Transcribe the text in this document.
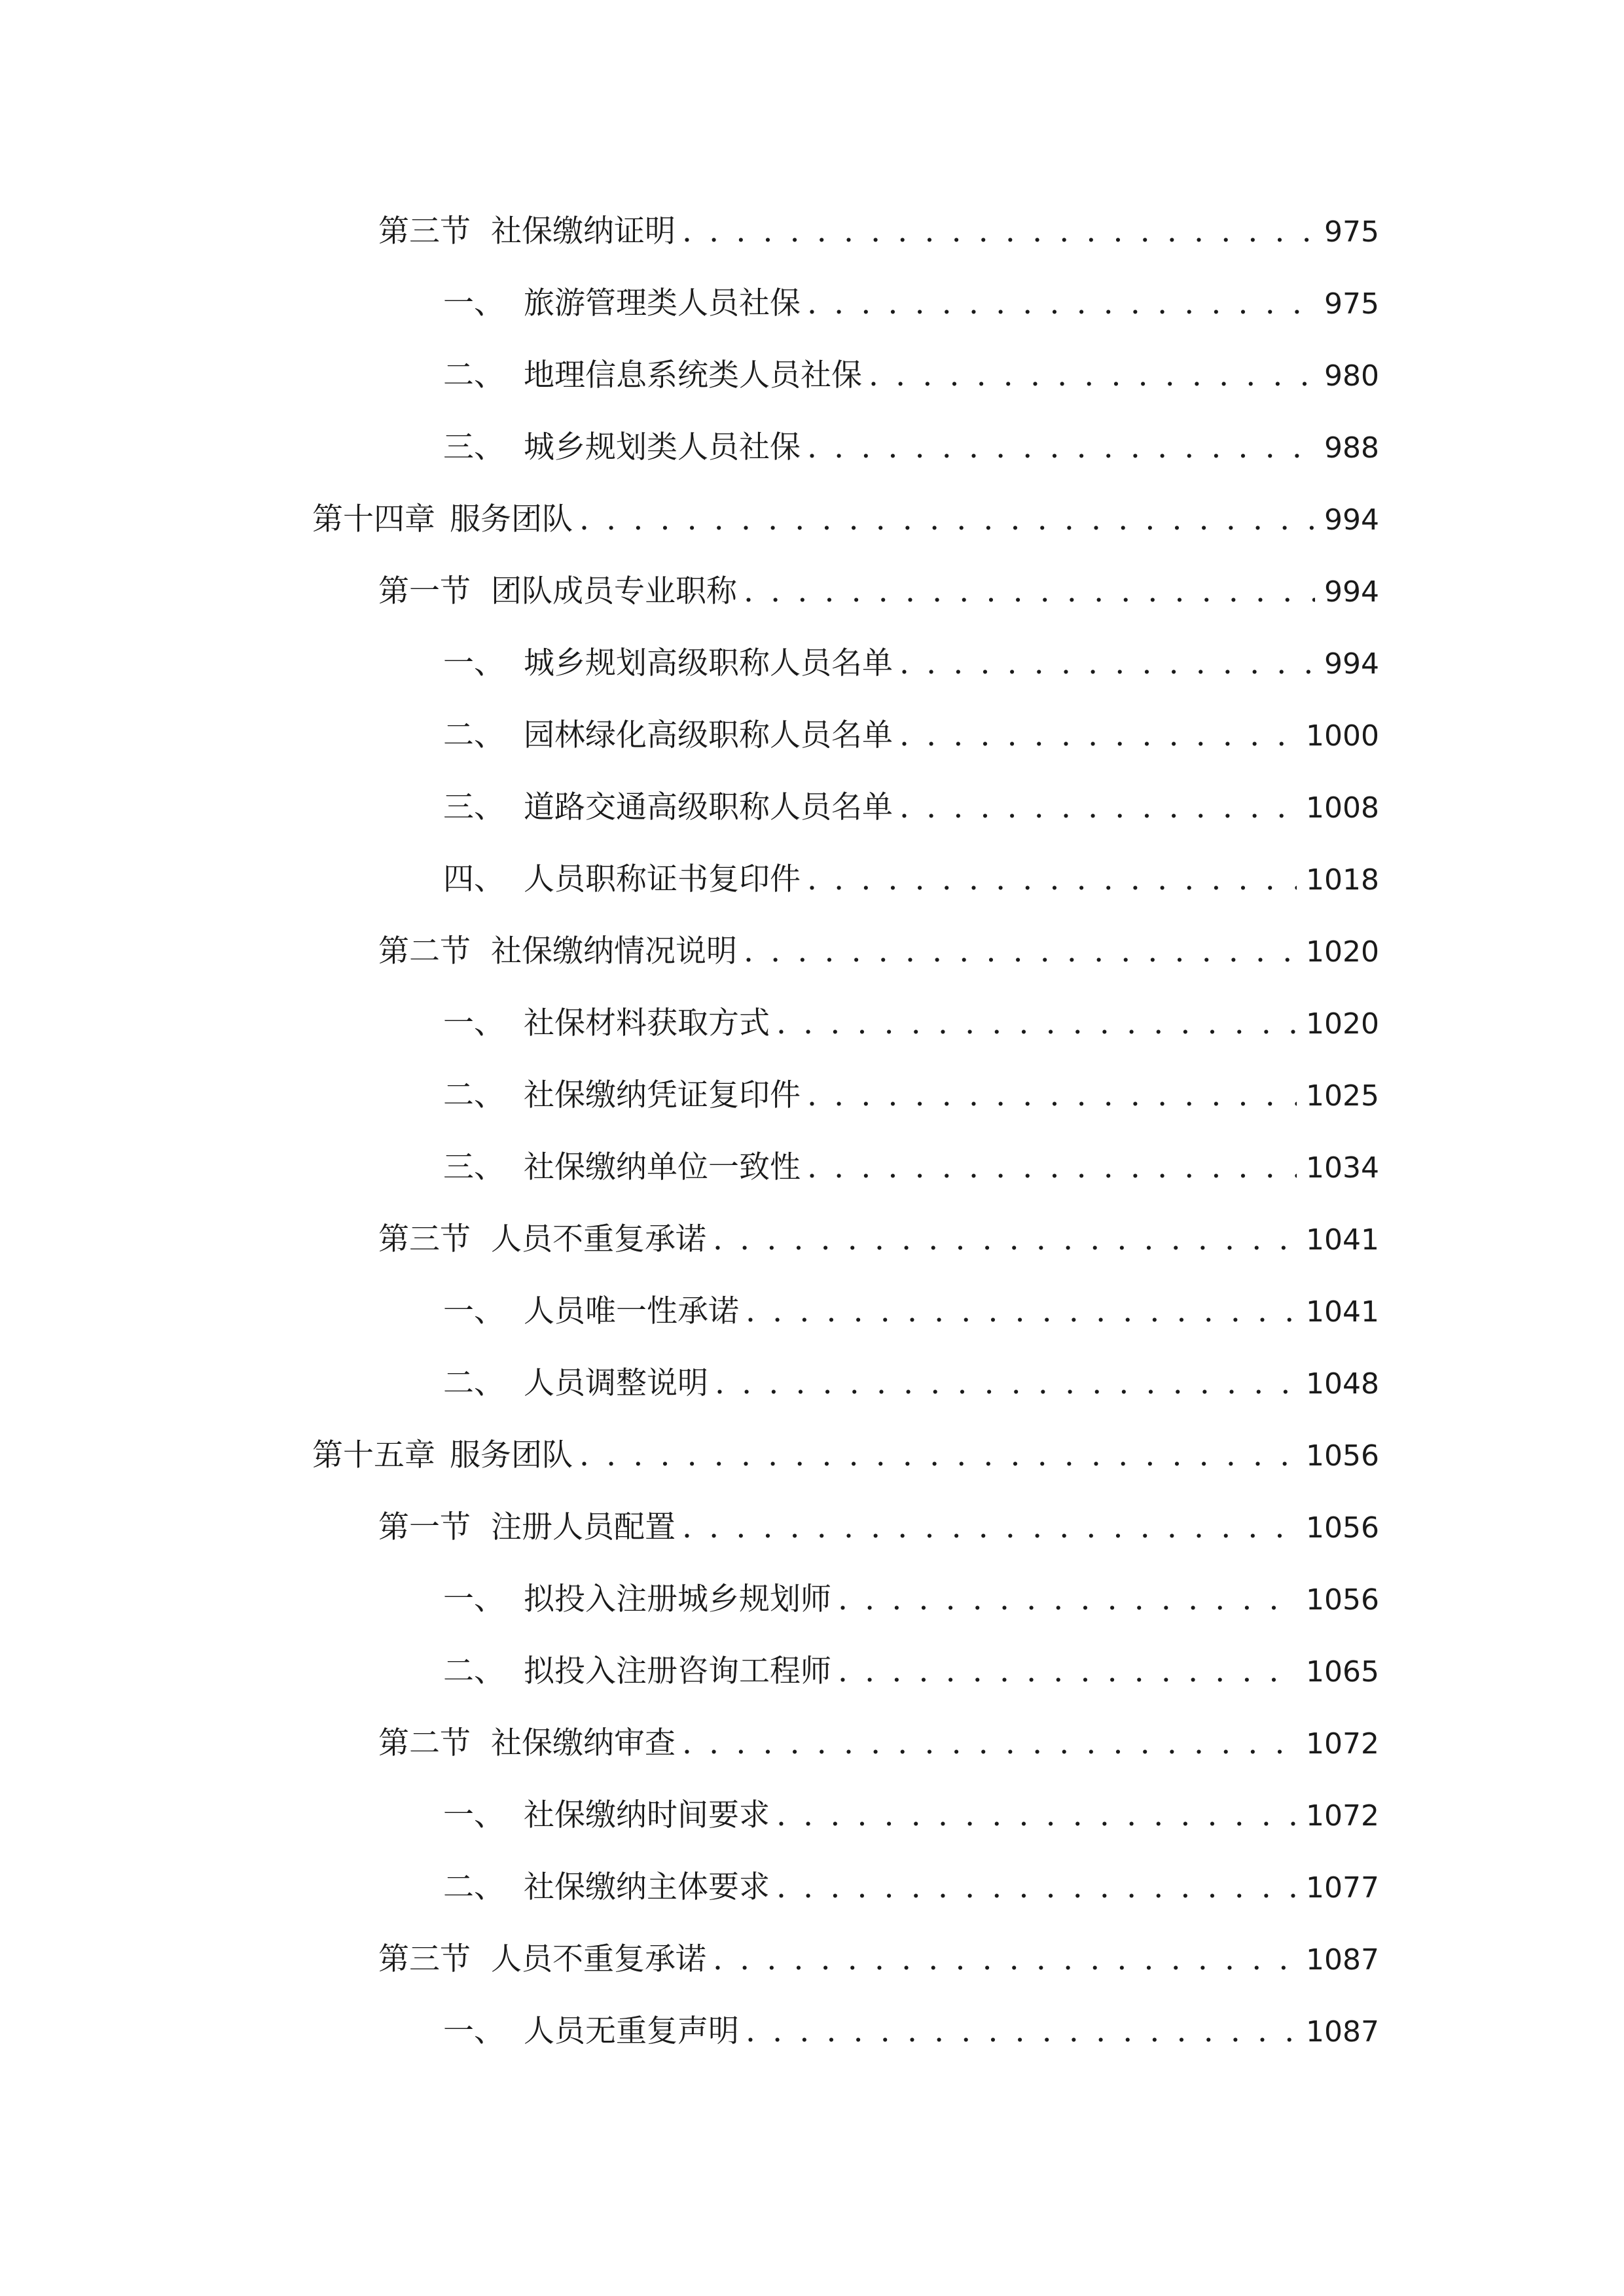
第三节 社保缴纳证明 . . .	975
一、 旅游管理类人员社保 . . .	975
二、 地理信息系统类人员社保 . . .	980
三、 城乡规划类人员社保 . . .	988
第十四章 服务团队 . . .	994
第一节 团队成员专业职称 . . .	994
一、 城乡规划高级职称人员名单 . . .	994
二、 园林绿化高级职称人员名单 . . .	1000
三、 道路交通高级职称人员名单 . . .	1008
四、 人员职称证书复印件 . . .	1018
第二节 社保缴纳情况说明 . . .	1020
一、 社保材料获取方式 . . .	1020
二、 社保缴纳凭证复印件 . . .	1025
三、 社保缴纳单位一致性 . . .	1034
第三节 人员不重复承诺 . . .	1041
一、 人员唯一性承诺 . . .	1041
二、 人员调整说明 . . .	1048
第十五章 服务团队 . . .	1056
第一节 注册人员配置 . . .	1056
一、 拟投入注册城乡规划师 . . .	1056
二、 拟投入注册咨询工程师 . . .	1065
第二节 社保缴纳审查 . . .	1072
一、 社保缴纳时间要求 . . .	1072
二、 社保缴纳主体要求 . . .	1077
第三节 人员不重复承诺 . . .	1087
一、 人员无重复声明 . . .	1087
